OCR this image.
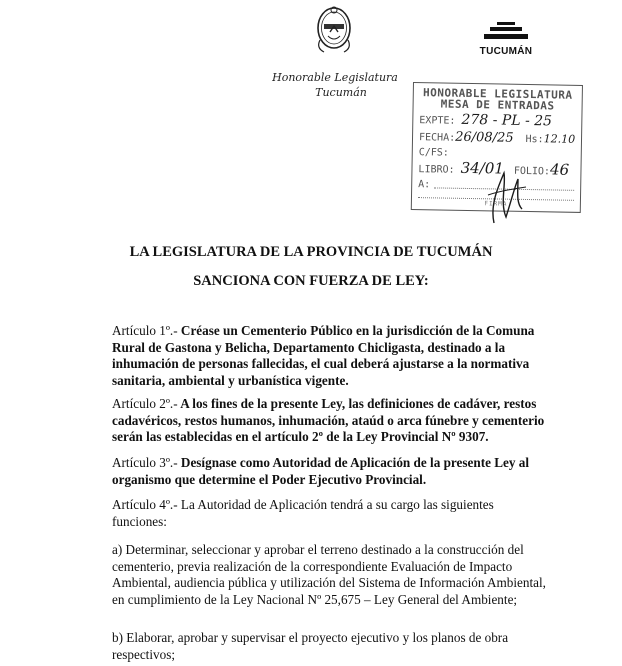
Honorable Legislatura
Tucumán
TUCUMÁN
HONORABLE LEGISLATURA
MESA DE ENTRADAS
EXPTE: 278 - PL - 25
FECHA:26/08/25 Hs:12.10
C/FS:
LIBRO: 34/01 FOLIO:46
A:
FIRMA
LA LEGISLATURA DE LA PROVINCIA DE TUCUMÁN
SANCIONA CON FUERZA DE LEY:

Artículo 1º.- Créase un Cementerio Público en la jurisdicción de la Comuna Rural de Gastona y Belicha, Departamento Chicligasta, destinado a la inhumación de personas fallecidas, el cual deberá ajustarse a la normativa sanitaria, ambiental y urbanística vigente.

Artículo 2º.- A los fines de la presente Ley, las definiciones de cadáver, restos cadavéricos, restos humanos, inhumación, ataúd o arca fúnebre y cementerio serán las establecidas en el artículo 2º de la Ley Provincial Nº 9307.

Artículo 3º.- Desígnase como Autoridad de Aplicación de la presente Ley al organismo que determine el Poder Ejecutivo Provincial.

Artículo 4º.- La Autoridad de Aplicación tendrá a su cargo las siguientes funciones:

a) Determinar, seleccionar y aprobar el terreno destinado a la construcción del cementerio, previa realización de la correspondiente Evaluación de Impacto Ambiental, audiencia pública y utilización del Sistema de Información Ambiental, en cumplimiento de la Ley Nacional Nº 25,675 – Ley General del Ambiente;

b) Elaborar, aprobar y supervisar el proyecto ejecutivo y los planos de obra respectivos;
